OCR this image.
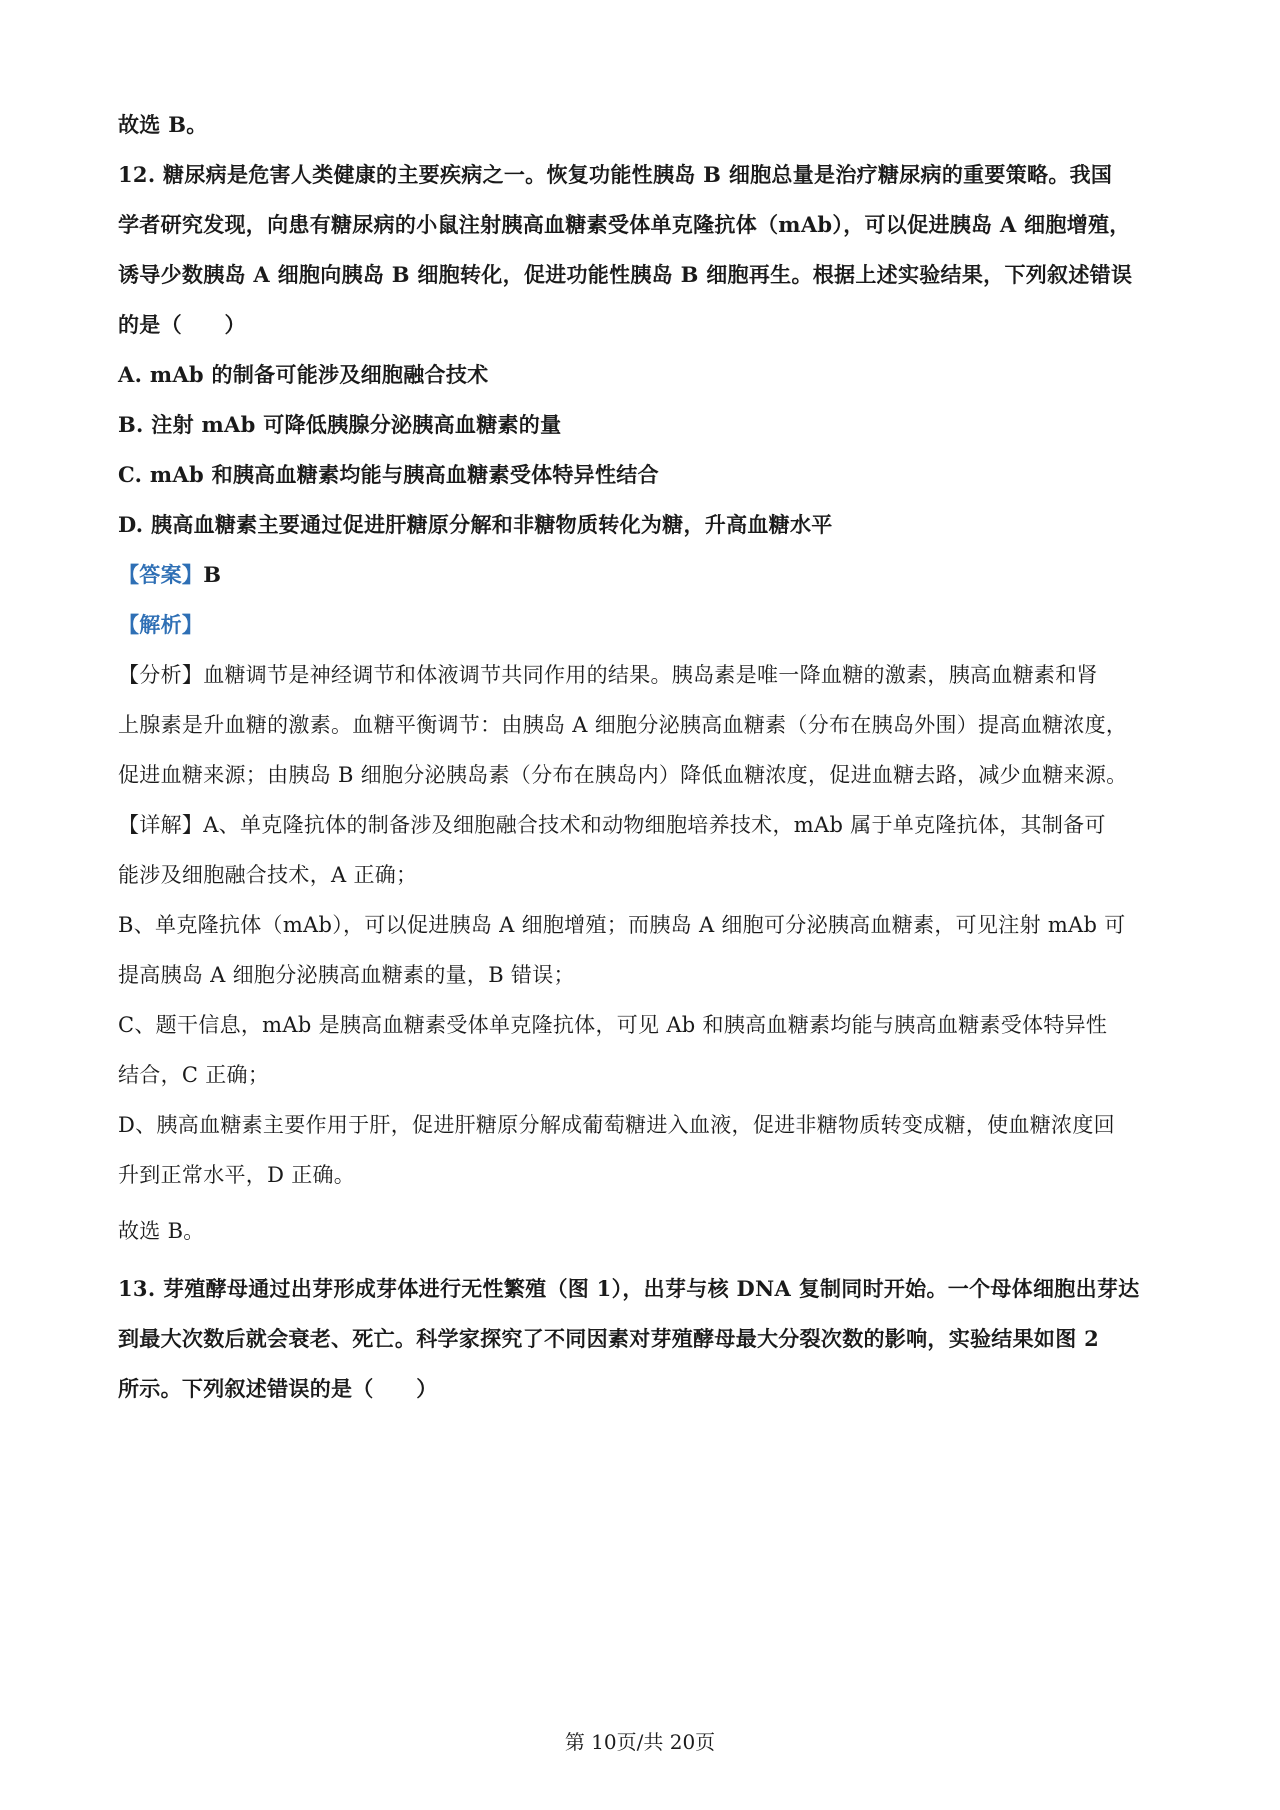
故选 B。
12. 糖尿病是危害人类健康的主要疾病之一。恢复功能性胰岛 B 细胞总量是治疗糖尿病的重要策略。我国
学者研究发现，向患有糖尿病的小鼠注射胰高血糖素受体单克隆抗体（mAb），可以促进胰岛 A 细胞增殖，
诱导少数胰岛 A 细胞向胰岛 B 细胞转化，促进功能性胰岛 B 细胞再生。根据上述实验结果，下列叙述错误
的是（　　）
A. mAb 的制备可能涉及细胞融合技术
B. 注射 mAb 可降低胰腺分泌胰高血糖素的量
C. mAb 和胰高血糖素均能与胰高血糖素受体特异性结合
D. 胰高血糖素主要通过促进肝糖原分解和非糖物质转化为糖，升高血糖水平
【答案】B
【解析】
【分析】血糖调节是神经调节和体液调节共同作用的结果。胰岛素是唯一降血糖的激素，胰高血糖素和肾
上腺素是升血糖的激素。血糖平衡调节：由胰岛 A 细胞分泌胰高血糖素（分布在胰岛外围）提高血糖浓度，
促进血糖来源；由胰岛 B 细胞分泌胰岛素（分布在胰岛内）降低血糖浓度，促进血糖去路，减少血糖来源。
【详解】A、单克隆抗体的制备涉及细胞融合技术和动物细胞培养技术，mAb 属于单克隆抗体，其制备可
能涉及细胞融合技术，A 正确；
B、单克隆抗体（mAb），可以促进胰岛 A 细胞增殖；而胰岛 A 细胞可分泌胰高血糖素，可见注射 mAb 可
提高胰岛 A 细胞分泌胰高血糖素的量，B 错误；
C、题干信息，mAb 是胰高血糖素受体单克隆抗体，可见 Ab 和胰高血糖素均能与胰高血糖素受体特异性
结合，C 正确；
D、胰高血糖素主要作用于肝，促进肝糖原分解成葡萄糖进入血液，促进非糖物质转变成糖，使血糖浓度回
升到正常水平，D 正确。
故选 B。
13. 芽殖酵母通过出芽形成芽体进行无性繁殖（图 1），出芽与核 DNA 复制同时开始。一个母体细胞出芽达
到最大次数后就会衰老、死亡。科学家探究了不同因素对芽殖酵母最大分裂次数的影响，实验结果如图 2
所示。下列叙述错误的是（　　）
第 10页/共 20页
